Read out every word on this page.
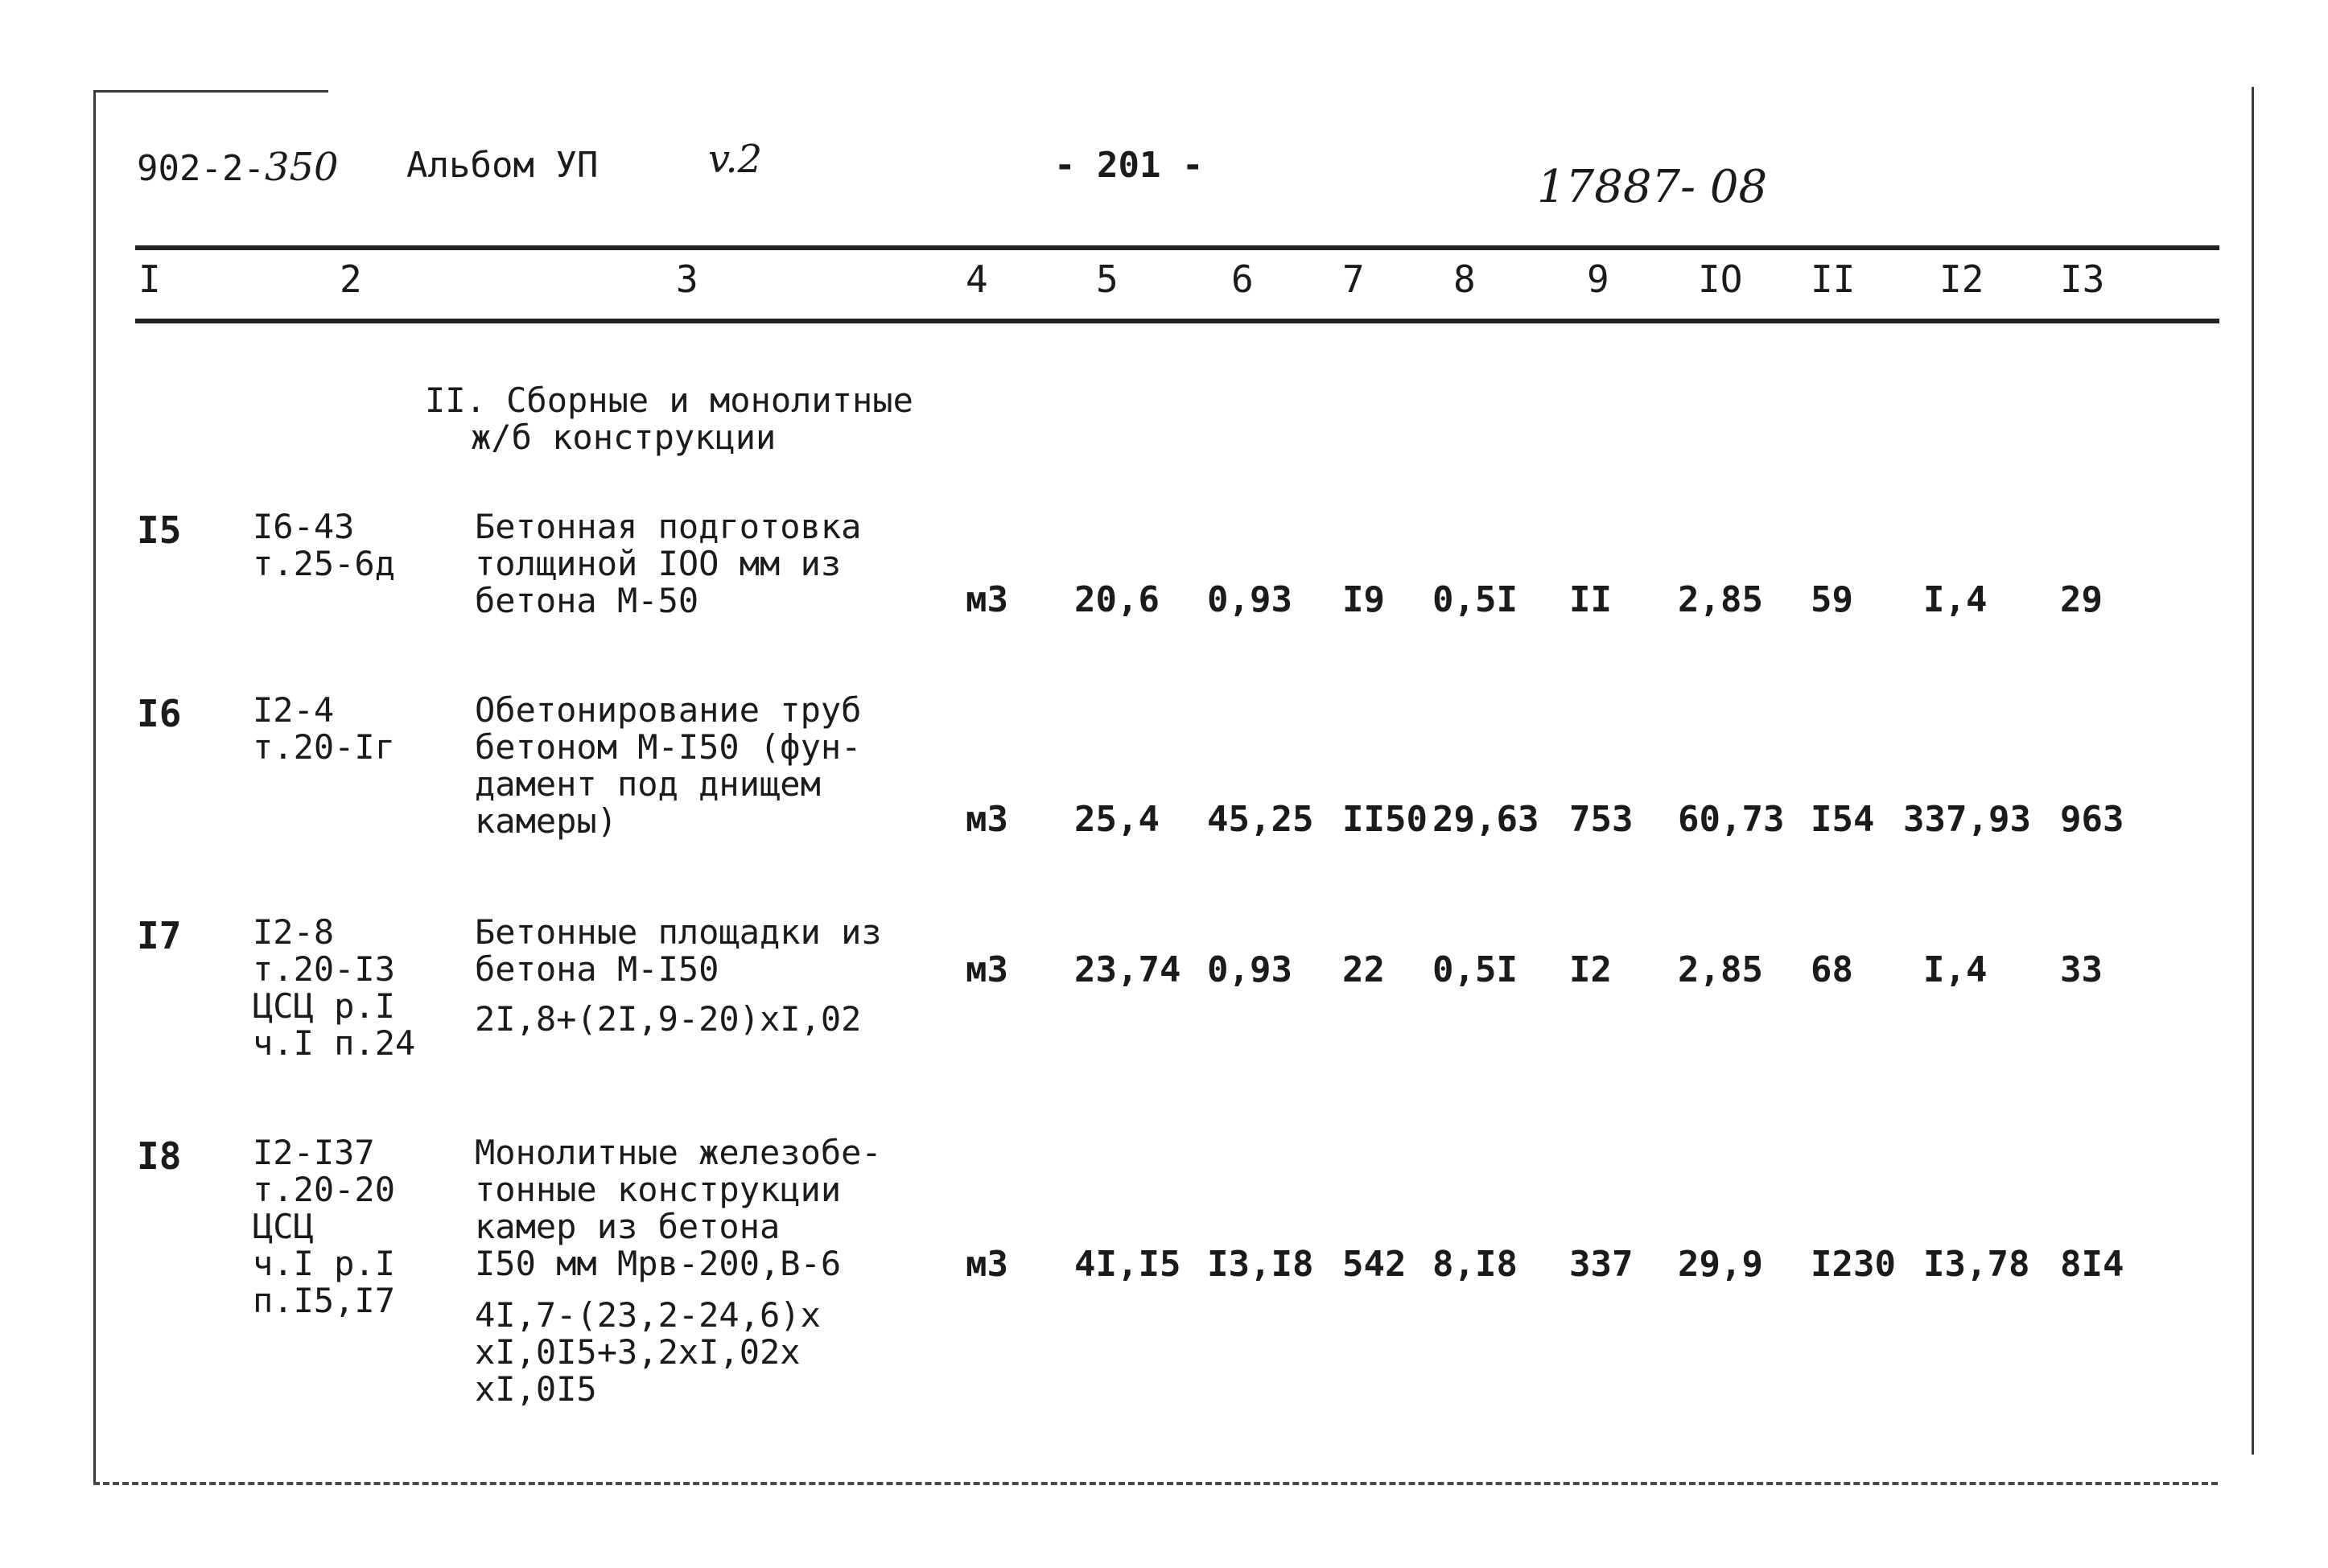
902-2-350 Альбом УП	v.2	- 201 -	17887- 08
I	2	3	4	5	6 7 8	9 IO II I2 I3
II. Сборные и монолитные
ж/б конструкции
I5 I6-43
т.25-6д
Бетонная подготовка
толщиной IOO мм из
бетона М-50	м3 20,6 0,93 I9 0,5I II 2,85 59 I,4 29
I6 I2-4
т.20-Iг
Обетонирование труб
бетоном М-I50 (фун-
дамент под днищем
камеры)	м3 25,4 45,25 II50 29,63 753 60,73 I54 337,93 963
I7 I2-8
т.20-I3
ЦСЦ р.I
ч.I п.24
Бетонные площадки из
бетона М-I50
2I,8+(2I,9-20)xI,02
м3 23,74 0,93 22 0,5I I2 2,85 68 I,4 33
I8 I2-I37
т.20-20
ЦСЦ
ч.I р.I
п.I5,I7
Монолитные железобе-
тонные конструкции
камер из бетона
I50 мм Мрв-200,В-6
4I,7-(23,2-24,6)x
xI,0I5+3,2xI,02x
xI,0I5
м3 4I,I5 I3,I8 542 8,I8 337 29,9 I230 I3,78 8I4
